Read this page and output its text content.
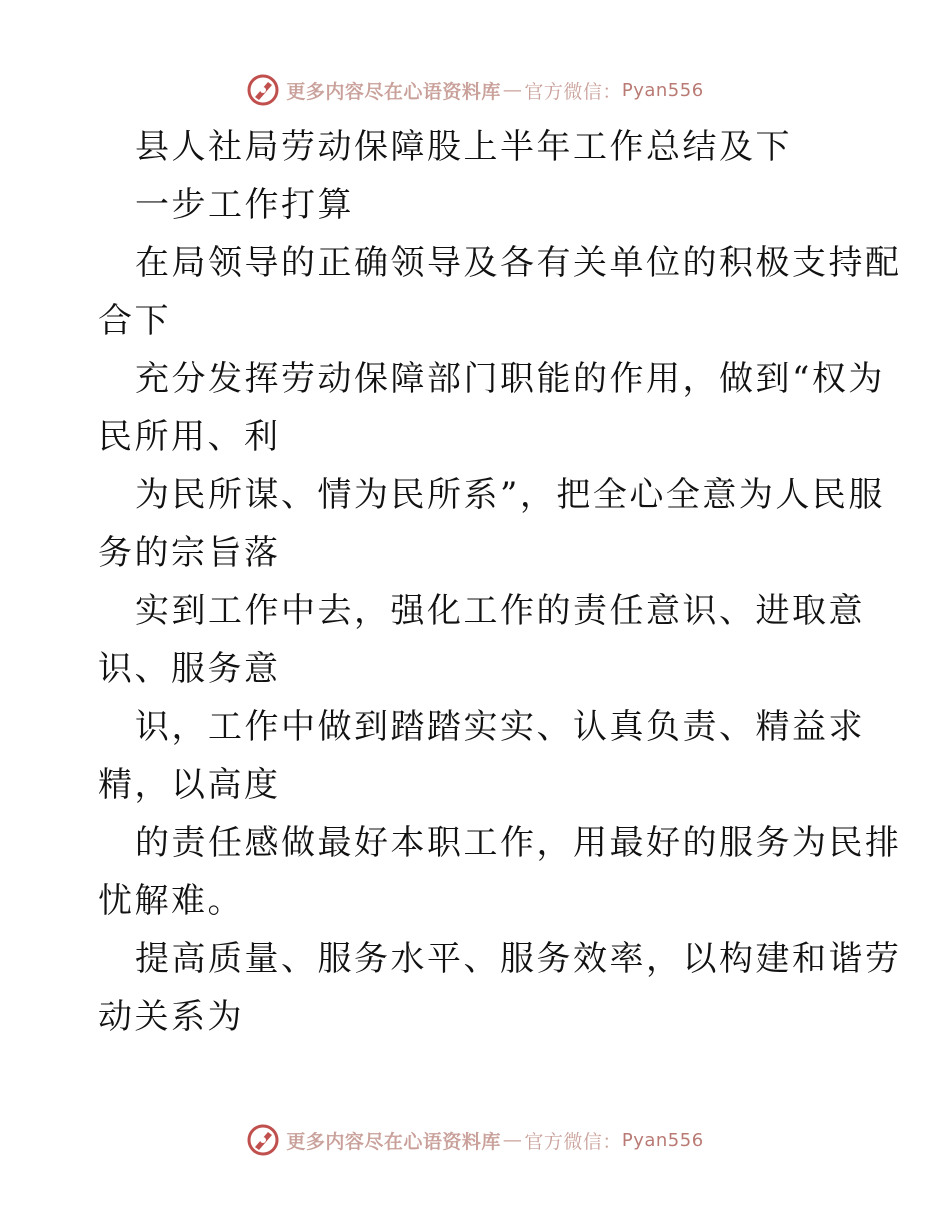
更多内容尽在心语资料库 — 官方微信： Pyan556
县人社局劳动保障股上半年工作总结及下
一步工作打算
在局领导的正确领导及各有关单位的积极支持配
合下
充分发挥劳动保障部门职能的作用，做到“权为
民所用、利
为民所谋、情为民所系”，把全心全意为人民服
务的宗旨落
实到工作中去，强化工作的责任意识、进取意
识、服务意
识，工作中做到踏踏实实、认真负责、精益求
精，以高度
的责任感做最好本职工作，用最好的服务为民排
忧解难。
提高质量、服务水平、服务效率，以构建和谐劳
动关系为
更多内容尽在心语资料库 — 官方微信： Pyan556
